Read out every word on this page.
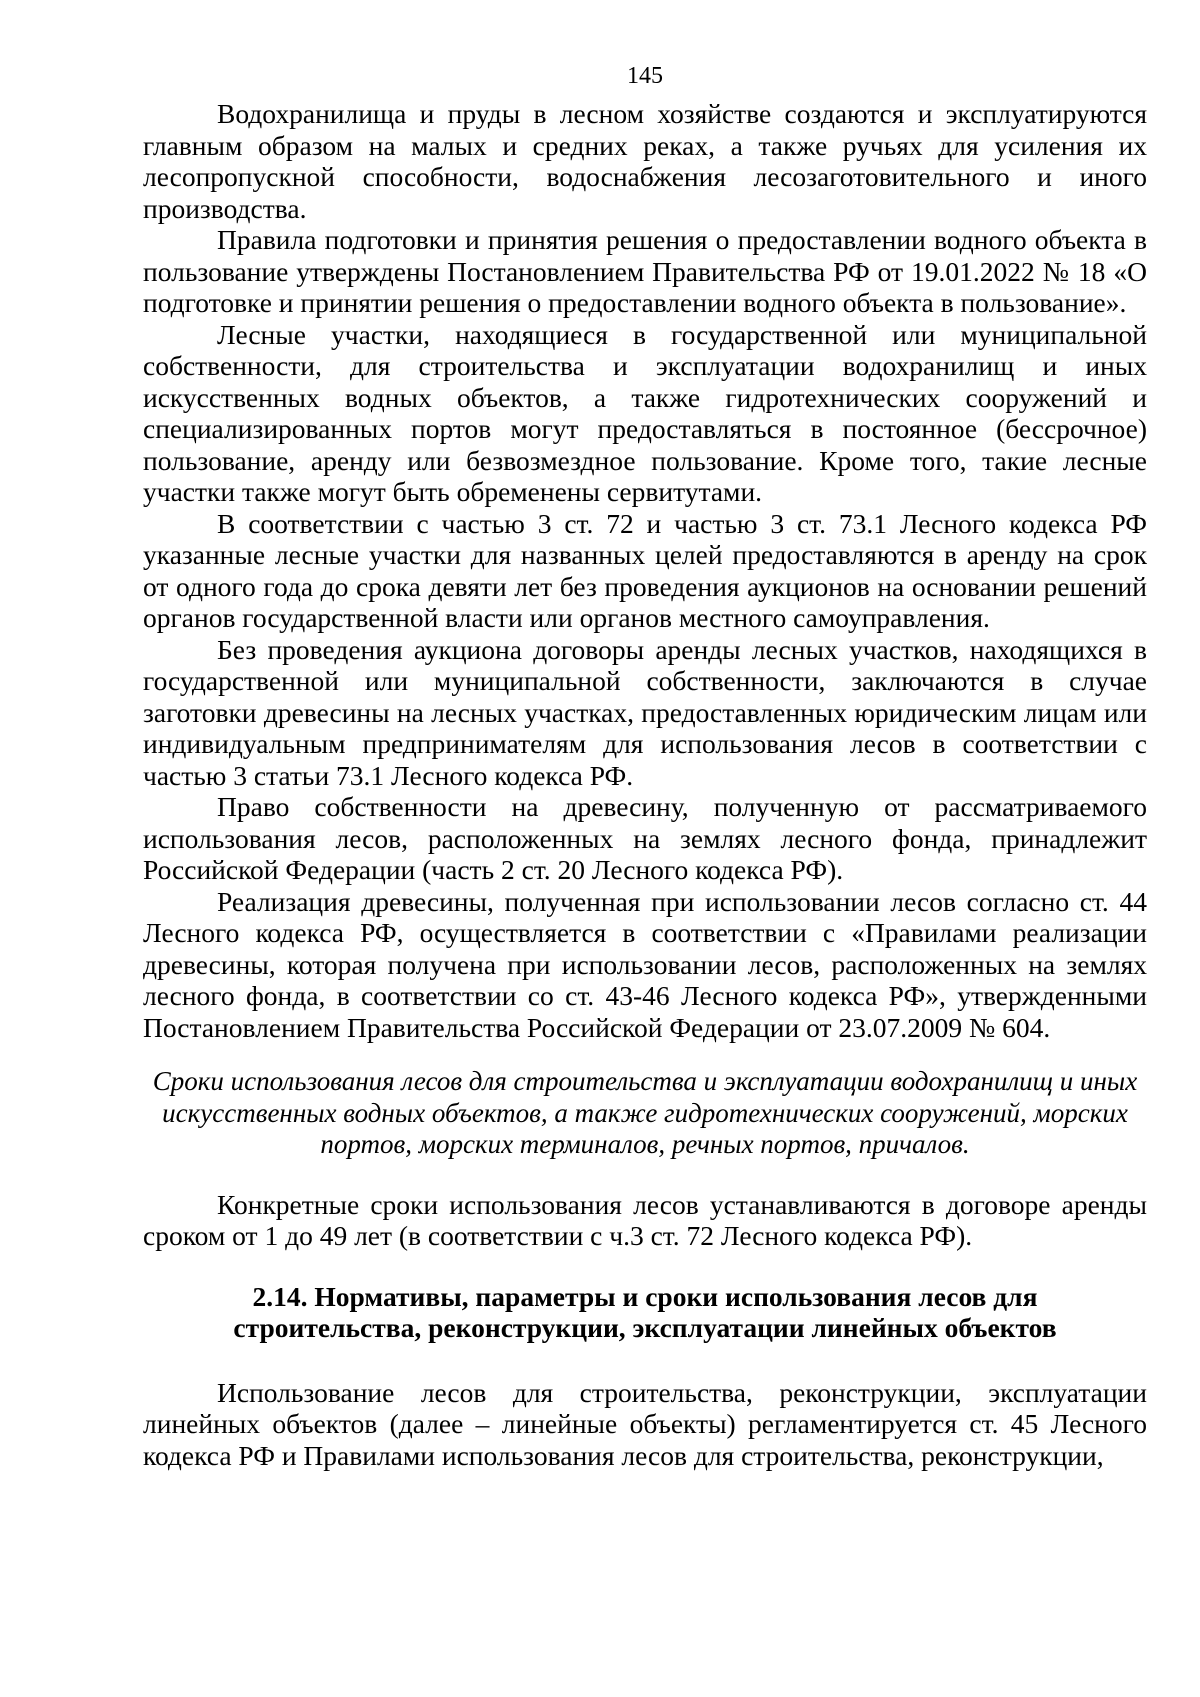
145

Водохранилища и пруды в лесном хозяйстве создаются и эксплуатируются главным образом на малых и средних реках, а также ручьях для усиления их лесопропускной способности, водоснабжения лесозаготовительного и иного производства.

Правила подготовки и принятия решения о предоставлении водного объекта в пользование утверждены Постановлением Правительства РФ от 19.01.2022 № 18 «О подготовке и принятии решения о предоставлении водного объекта в пользование».

Лесные участки, находящиеся в государственной или муниципальной собственности, для строительства и эксплуатации водохранилищ и иных искусственных водных объектов, а также гидротехнических сооружений и специализированных портов могут предоставляться в постоянное (бессрочное) пользование, аренду или безвозмездное пользование. Кроме того, такие лесные участки также могут быть обременены сервитутами.

В соответствии с частью 3 ст. 72 и частью 3 ст. 73.1 Лесного кодекса РФ указанные лесные участки для названных целей предоставляются в аренду на срок от одного года до срока девяти лет без проведения аукционов на основании решений органов государственной власти или органов местного самоуправления.

Без проведения аукциона договоры аренды лесных участков, находящихся в государственной или муниципальной собственности, заключаются в случае заготовки древесины на лесных участках, предоставленных юридическим лицам или индивидуальным предпринимателям для использования лесов в соответствии с частью 3 статьи 73.1 Лесного кодекса РФ.

Право собственности на древесину, полученную от рассматриваемого использования лесов, расположенных на землях лесного фонда, принадлежит Российской Федерации (часть 2 ст. 20 Лесного кодекса РФ).

Реализация древесины, полученная при использовании лесов согласно ст. 44 Лесного кодекса РФ, осуществляется в соответствии с «Правилами реализации древесины, которая получена при использовании лесов, расположенных на землях лесного фонда, в соответствии со ст. 43-46 Лесного кодекса РФ», утвержденными Постановлением Правительства Российской Федерации от 23.07.2009 № 604.

Сроки использования лесов для строительства и эксплуатации водохранилищ и иных искусственных водных объектов, а также гидротехнических сооружений, морских портов, морских терминалов, речных портов, причалов.

Конкретные сроки использования лесов устанавливаются в договоре аренды сроком от 1 до 49 лет (в соответствии с ч.3 ст. 72 Лесного кодекса РФ).

2.14. Нормативы, параметры и сроки использования лесов для
строительства, реконструкции, эксплуатации линейных объектов

Использование лесов для строительства, реконструкции, эксплуатации линейных объектов (далее – линейные объекты) регламентируется ст. 45 Лесного кодекса РФ и Правилами использования лесов для строительства, реконструкции,
